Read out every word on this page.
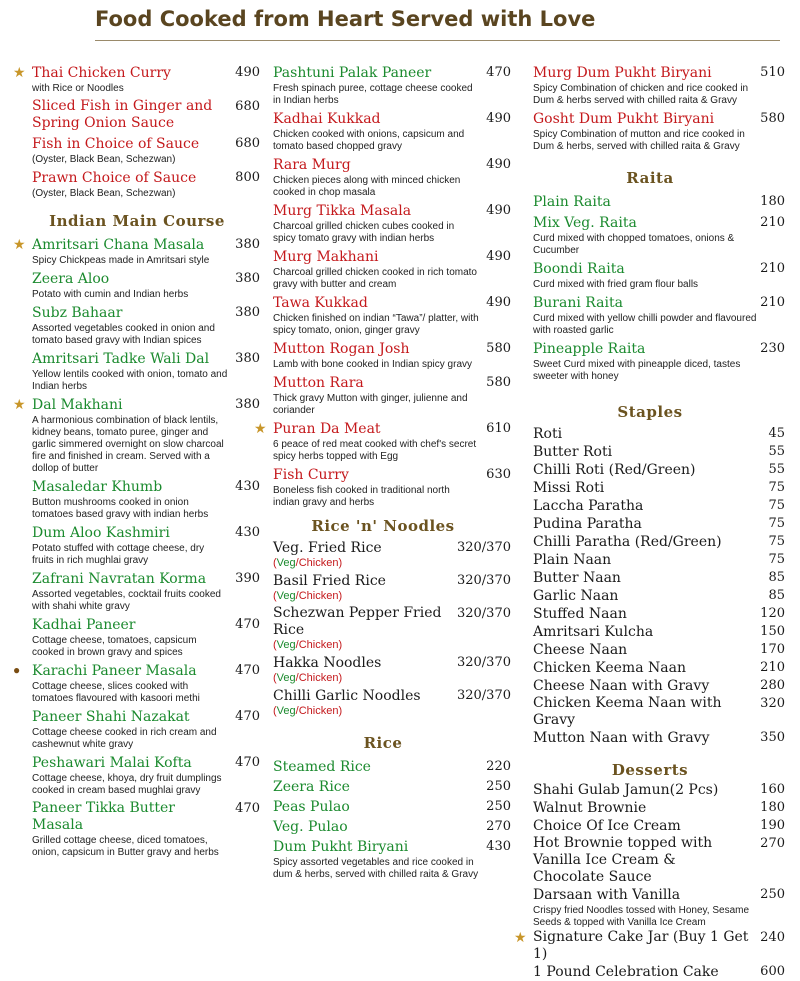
Food Cooked from Heart Served with Love
★ Thai Chicken Curry	490
with Rice or Noodles
Sliced Fish in Ginger and Spring Onion Sauce
680
Fish in Choice of Sauce	680
(Oyster, Black Bean, Schezwan)
Prawn Choice of Sauce	800
(Oyster, Black Bean, Schezwan)
Indian Main Course
★ Amritsari Chana Masala 380
Spicy Chickpeas made in Amritsari style
Zeera Aloo	380
Potato with cumin and Indian herbs
Subz Bahaar	380
Assorted vegetables cooked in onion and tomato based gravy with Indian spices
Amritsari Tadke Wali Dal 380
Yellow lentils cooked with onion, tomato and Indian herbs
★ Dal Makhani	380
A harmonious combination of black lentils, kidney beans, tomato puree, ginger and garlic simmered overnight on slow charcoal fire and finished in cream. Served with a dollop of butter
Masaledar Khumb	430
Button mushrooms cooked in onion tomatoes based gravy with indian herbs
Dum Aloo Kashmiri	430
Potato stuffed with cottage cheese, dry fruits in rich mughlai gravy
Zafrani Navratan Korma 390
Assorted vegetables, cocktail fruits cooked with shahi white gravy
Kadhai Paneer	470
Cottage cheese, tomatoes, capsicum cooked in brown gravy and spices
● Karachi Paneer Masala	470
Cottage cheese, slices cooked with tomatoes flavoured with kasoori methi
Paneer Shahi Nazakat	470
Cottage cheese cooked in rich cream and cashewnut white gravy
Peshawari Malai Kofta	470
Cottage cheese, khoya, dry fruit dumplings cooked in cream based mughlai gravy
Paneer Tikka Butter Masala
470
Grilled cottage cheese, diced tomatoes, onion, capsicum in Butter gravy and herbs
Pashtuni Palak Paneer	470
Fresh spinach puree, cottage cheese cooked in Indian herbs
Kadhai Kukkad	490
Chicken cooked with onions, capsicum and tomato based chopped gravy
Rara Murg	490
Chicken pieces along with minced chicken cooked in chop masala
Murg Tikka Masala	490
Charcoal grilled chicken cubes cooked in spicy tomato gravy with indian herbs
Murg Makhani	490
Charcoal grilled chicken cooked in rich tomato gravy with butter and cream
Tawa Kukkad	490
Chicken finished on indian “Tawa”/ platter, with spicy tomato, onion, ginger gravy
Mutton Rogan Josh	580
Lamb with bone cooked in Indian spicy gravy
Mutton Rara	580
Thick gravy Mutton with ginger, julienne and coriander
★ Puran Da Meat	610
6 peace of red meat cooked with chef's secret spicy herbs topped with Egg
Fish Curry	630
Boneless fish cooked in traditional north indian gravy and herbs
Rice 'n' Noodles
Veg. Fried Rice	320/370
(Veg/Chicken)
Basil Fried Rice	320/370
(Veg/Chicken)
Schezwan Pepper Fried Rice
320/370
(Veg/Chicken)
Hakka Noodles	320/370
(Veg/Chicken)
Chilli Garlic Noodles	320/370
(Veg/Chicken)
Rice
Steamed Rice	220
Zeera Rice	250
Peas Pulao	250
Veg. Pulao	270
Dum Pukht Biryani	430
Spicy assorted vegetables and rice cooked in dum & herbs, served with chilled raita & Gravy
Murg Dum Pukht Biryani	510
Spicy Combination of chicken and rice cooked in Dum & herbs served with chilled raita & Gravy
Gosht Dum Pukht Biryani	580
Spicy Combination of mutton and rice cooked in Dum & herbs, served with chilled raita & Gravy
Raita
Plain Raita	180
Mix Veg. Raita	210
Curd mixed with chopped tomatoes, onions & Cucumber
Boondi Raita	210
Curd mixed with fried gram flour balls
Burani Raita	210
Curd mixed with yellow chilli powder and flavoured with roasted garlic
Pineapple Raita	230
Sweet Curd mixed with pineapple diced, tastes sweeter with honey
Staples
Roti	45
Butter Roti	55
Chilli Roti (Red/Green)	55
Missi Roti	75
Laccha Paratha	75
Pudina Paratha	75
Chilli Paratha (Red/Green)	75
Plain Naan	75
Butter Naan	85
Garlic Naan	85
Stuffed Naan	120
Amritsari Kulcha	150
Cheese Naan	170
Chicken Keema Naan	210
Cheese Naan with Gravy	280
Chicken Keema Naan with Gravy
320
Mutton Naan with Gravy	350
Desserts
Shahi Gulab Jamun(2 Pcs)	160
Walnut Brownie	180
Choice Of Ice Cream	190
Hot Brownie topped with Vanilla Ice Cream & Chocolate Sauce
270
Darsaan with Vanilla	250
Crispy fried Noodles tossed with Honey, Sesame Seeds & topped with Vanilla Ice Cream
★ Signature Cake Jar (Buy 1 Get 1)
240
1 Pound Celebration Cake	600
